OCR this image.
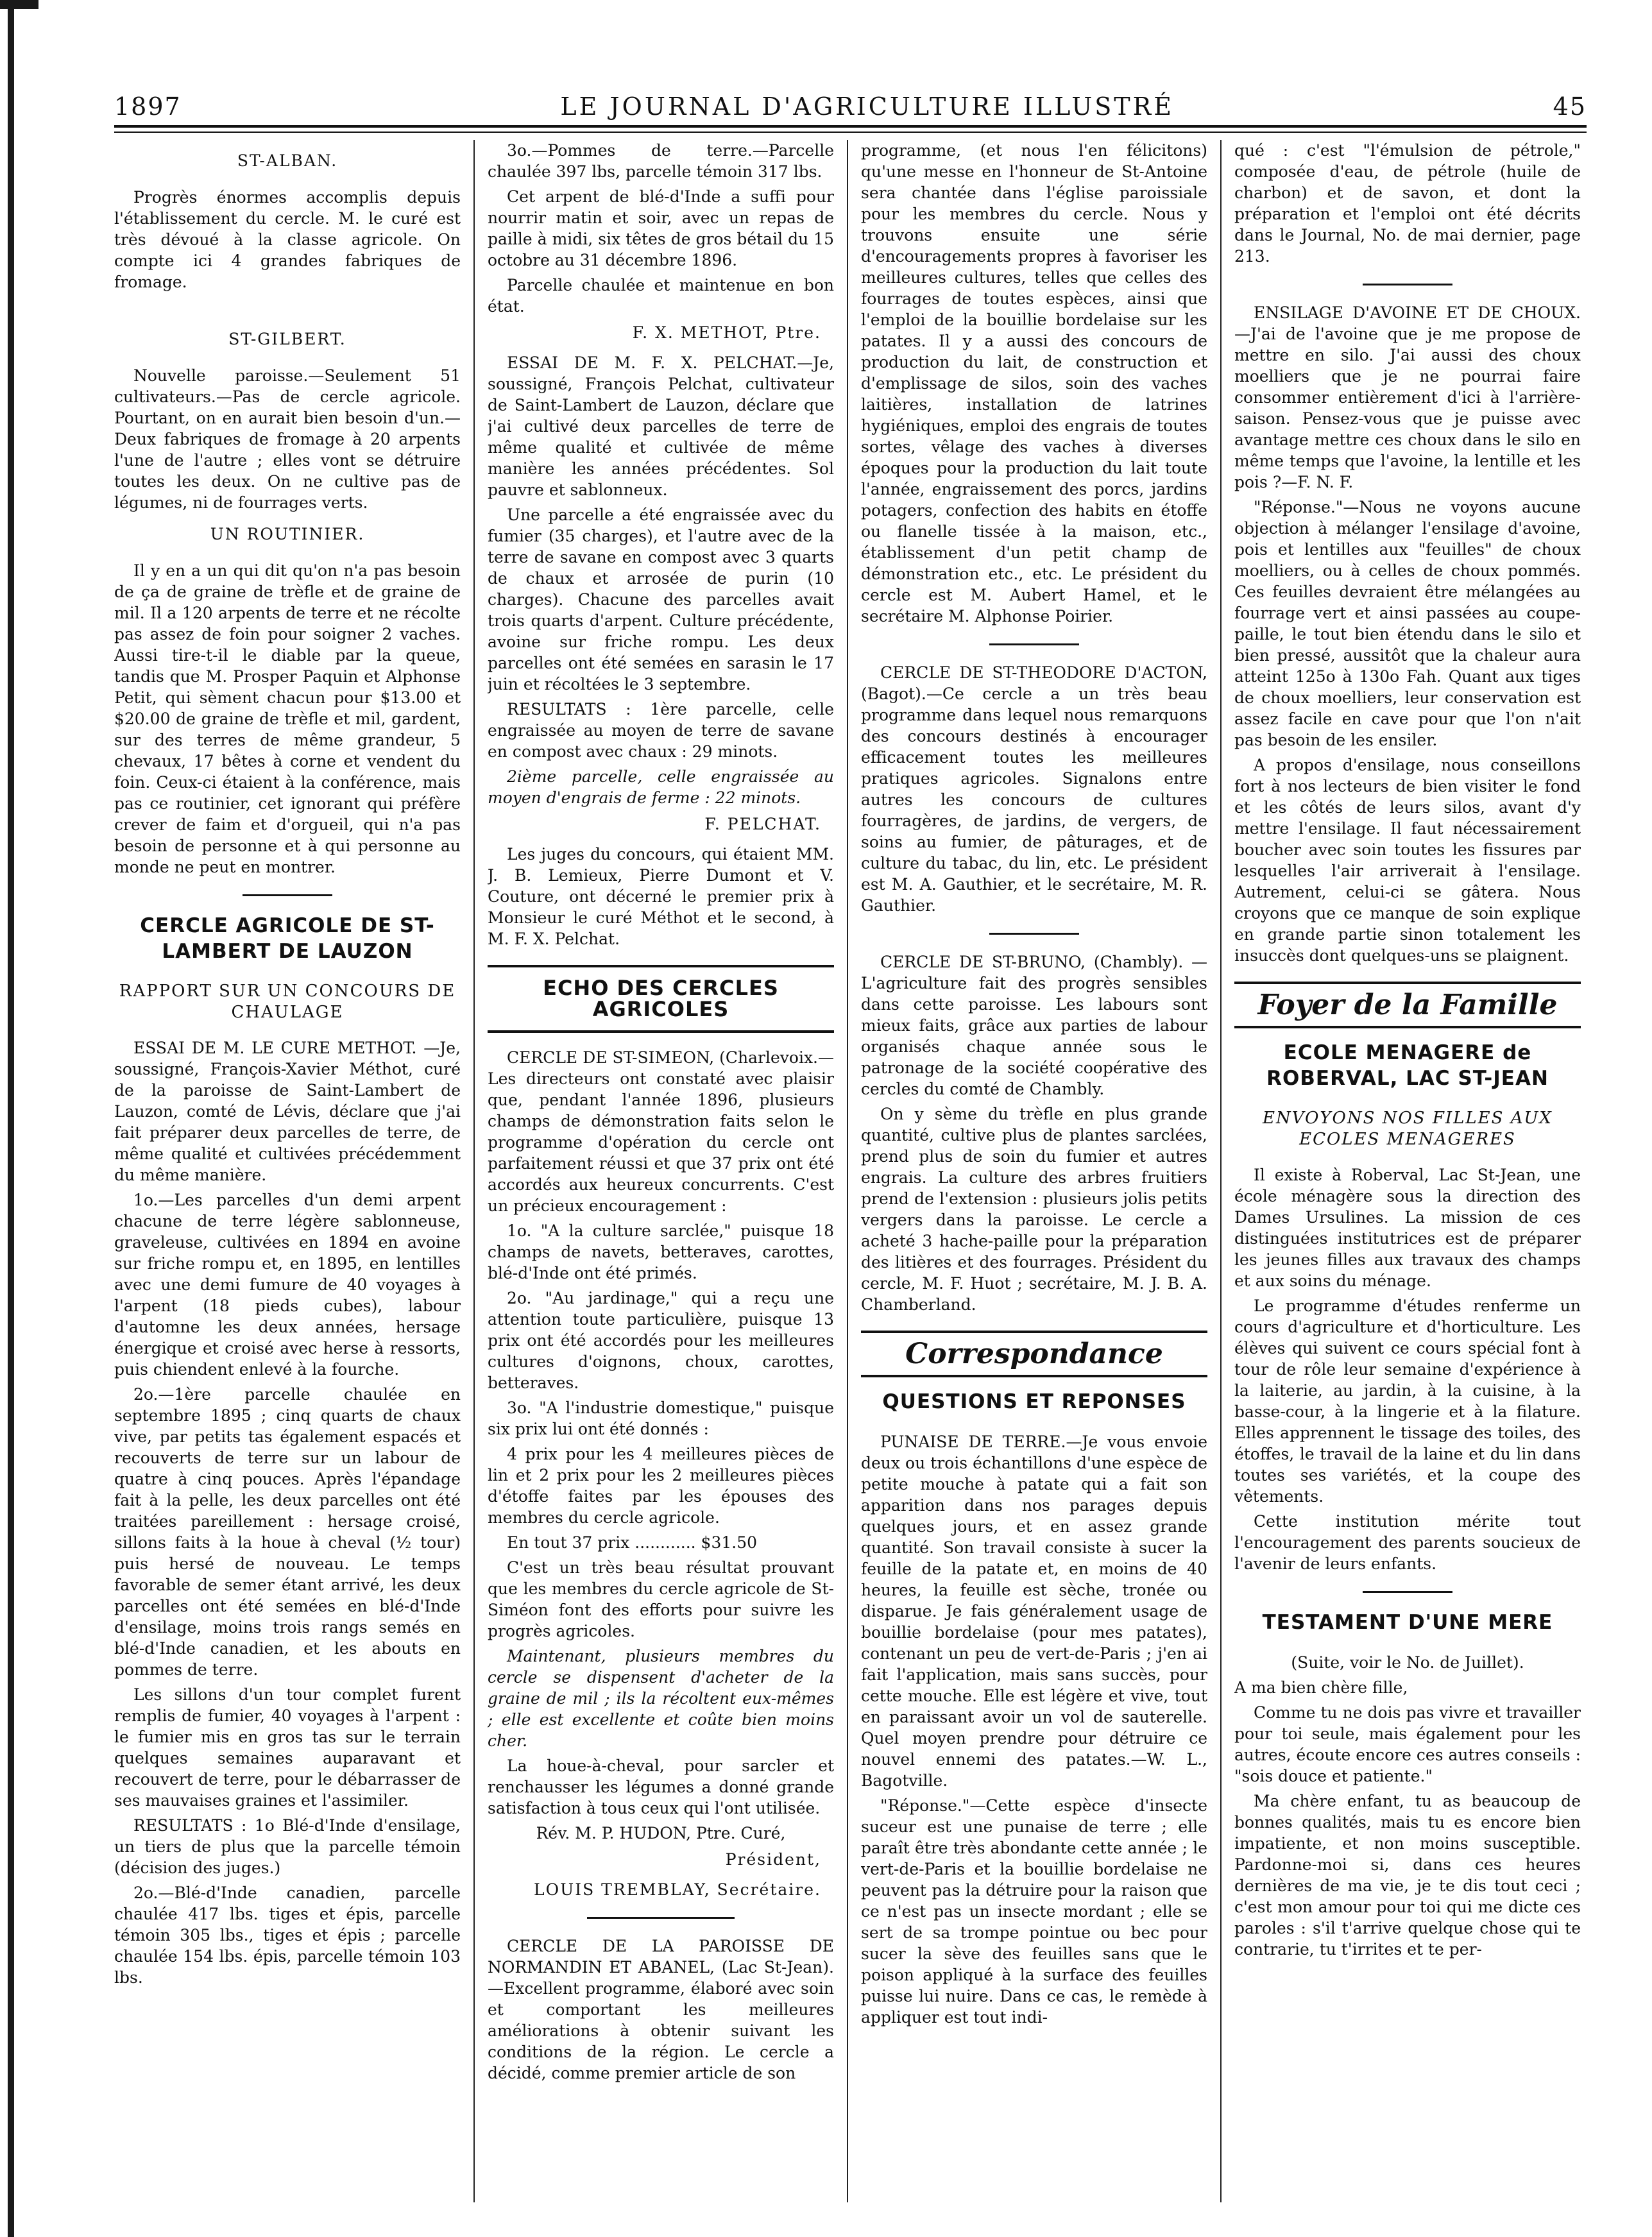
1897	LE JOURNAL D'AGRICULTURE ILLUSTRÉ	45
ST-ALBAN.

Progrès énormes accomplis depuis l'établissement du cercle. M. le curé est très dévoué à la classe agricole. On compte ici 4 grandes fabriques de fromage.

ST-GILBERT.

Nouvelle paroisse.—Seulement 51 cultivateurs.—Pas de cercle agricole. Pourtant, on en aurait bien besoin d'un.—Deux fabriques de fromage à 20 arpents l'une de l'autre ; elles vont se détruire toutes les deux. On ne cultive pas de légumes, ni de fourrages verts.

UN ROUTINIER.

Il y en a un qui dit qu'on n'a pas besoin de ça de graine de trèfle et de graine de mil. Il a 120 arpents de terre et ne récolte pas assez de foin pour soigner 2 vaches. Aussi tire-t-il le diable par la queue, tandis que M. Prosper Paquin et Alphonse Petit, qui sèment chacun pour $13.00 et $20.00 de graine de trèfle et mil, gardent, sur des terres de même grandeur, 5 chevaux, 17 bêtes à corne et vendent du foin. Ceux-ci étaient à la conférence, mais pas ce routinier, cet ignorant qui préfère crever de faim et d'orgueil, qui n'a pas besoin de personne et à qui personne au monde ne peut en montrer.

CERCLE AGRICOLE DE ST-LAMBERT DE LAUZON
RAPPORT SUR UN CONCOURS DE CHAULAGE

ESSAI DE M. LE CURE METHOT. —Je, soussigné, François-Xavier Méthot, curé de la paroisse de Saint-Lambert de Lauzon, comté de Lévis, déclare que j'ai fait préparer deux parcelles de terre, de même qualité et cultivées précédemment du même manière.

1o.—Les parcelles d'un demi arpent chacune de terre légère sablonneuse, graveleuse, cultivées en 1894 en avoine sur friche rompu et, en 1895, en lentilles avec une demi fumure de 40 voyages à l'arpent (18 pieds cubes), labour d'automne les deux années, hersage énergique et croisé avec herse à ressorts, puis chiendent enlevé à la fourche.

2o.—1ère parcelle chaulée en septembre 1895 ; cinq quarts de chaux vive, par petits tas également espacés et recouverts de terre sur un labour de quatre à cinq pouces. Après l'épandage fait à la pelle, les deux parcelles ont été traitées pareillement : hersage croisé, sillons faits à la houe à cheval (½ tour) puis hersé de nouveau. Le temps favorable de semer étant arrivé, les deux parcelles ont été semées en blé-d'Inde d'ensilage, moins trois rangs semés en blé-d'Inde canadien, et les abouts en pommes de terre.

Les sillons d'un tour complet furent remplis de fumier, 40 voyages à l'arpent : le fumier mis en gros tas sur le terrain quelques semaines auparavant et recouvert de terre, pour le débarrasser de ses mauvaises graines et l'assimiler.

RESULTATS : 1o Blé-d'Inde d'ensilage, un tiers de plus que la parcelle témoin (décision des juges.)

2o.—Blé-d'Inde canadien, parcelle chaulée 417 lbs. tiges et épis, parcelle témoin 305 lbs., tiges et épis ; parcelle chaulée 154 lbs. épis, parcelle témoin 103 lbs.

3o.—Pommes de terre.—Parcelle chaulée 397 lbs, parcelle témoin 317 lbs.

Cet arpent de blé-d'Inde a suffi pour nourrir matin et soir, avec un repas de paille à midi, six têtes de gros bétail du 15 octobre au 31 décembre 1896.

Parcelle chaulée et maintenue en bon état.

F. X. METHOT, Ptre.

ESSAI DE M. F. X. PELCHAT.—Je, soussigné, François Pelchat, cultivateur de Saint-Lambert de Lauzon, déclare que j'ai cultivé deux parcelles de terre de même qualité et cultivée de même manière les années précédentes. Sol pauvre et sablonneux.

Une parcelle a été engraissée avec du fumier (35 charges), et l'autre avec de la terre de savane en compost avec 3 quarts de chaux et arrosée de purin (10 charges). Chacune des parcelles avait trois quarts d'arpent. Culture précédente, avoine sur friche rompu. Les deux parcelles ont été semées en sarasin le 17 juin et récoltées le 3 septembre.

RESULTATS : 1ère parcelle, celle engraissée au moyen de terre de savane en compost avec chaux : 29 minots.

2ième parcelle, celle engraissée au moyen d'engrais de ferme : 22 minots.

F. PELCHAT.

Les juges du concours, qui étaient MM. J. B. Lemieux, Pierre Dumont et V. Couture, ont décerné le premier prix à Monsieur le curé Méthot et le second, à M. F. X. Pelchat.

ECHO DES CERCLES AGRICOLES

CERCLE DE ST-SIMEON, (Charlevoix.—Les directeurs ont constaté avec plaisir que, pendant l'année 1896, plusieurs champs de démonstration faits selon le programme d'opération du cercle ont parfaitement réussi et que 37 prix ont été accordés aux heureux concurrents. C'est un précieux encouragement :

1o. "A la culture sarclée," puisque 18 champs de navets, betteraves, carottes, blé-d'Inde ont été primés.

2o. "Au jardinage," qui a reçu une attention toute particulière, puisque 13 prix ont été accordés pour les meilleures cultures d'oignons, choux, carottes, betteraves.

3o. "A l'industrie domestique," puisque six prix lui ont été donnés :

4 prix pour les 4 meilleures pièces de lin et 2 prix pour les 2 meilleures pièces d'étoffe faites par les épouses des membres du cercle agricole.

En tout 37 prix ............ $31.50

C'est un très beau résultat prouvant que les membres du cercle agricole de St-Siméon font des efforts pour suivre les progrès agricoles.

Maintenant, plusieurs membres du cercle se dispensent d'acheter de la graine de mil ; ils la récoltent eux-mêmes ; elle est excellente et coûte bien moins cher.

La houe-à-cheval, pour sarcler et renchausser les légumes a donné grande satisfaction à tous ceux qui l'ont utilisée.

Rév. M. P. HUDON, Ptre. Curé,
Président,
LOUIS TREMBLAY, Secrétaire.

CERCLE DE LA PAROISSE DE NORMANDIN ET ABANEL, (Lac St-Jean).—Excellent programme, élaboré avec soin et comportant les meilleures améliorations à obtenir suivant les conditions de la région. Le cercle a décidé, comme premier article de son

programme, (et nous l'en félicitons) qu'une messe en l'honneur de St-Antoine sera chantée dans l'église paroissiale pour les membres du cercle. Nous y trouvons ensuite une série d'encouragements propres à favoriser les meilleures cultures, telles que celles des fourrages de toutes espèces, ainsi que l'emploi de la bouillie bordelaise sur les patates. Il y a aussi des concours de production du lait, de construction et d'emplissage de silos, soin des vaches laitières, installation de latrines hygiéniques, emploi des engrais de toutes sortes, vêlage des vaches à diverses époques pour la production du lait toute l'année, engraissement des porcs, jardins potagers, confection des habits en étoffe ou flanelle tissée à la maison, etc., établissement d'un petit champ de démonstration etc., etc. Le président du cercle est M. Aubert Hamel, et le secrétaire M. Alphonse Poirier.

CERCLE DE ST-THEODORE D'ACTON, (Bagot).—Ce cercle a un très beau programme dans lequel nous remarquons des concours destinés à encourager efficacement toutes les meilleures pratiques agricoles. Signalons entre autres les concours de cultures fourragères, de jardins, de vergers, de soins au fumier, de pâturages, et de culture du tabac, du lin, etc. Le président est M. A. Gauthier, et le secrétaire, M. R. Gauthier.

CERCLE DE ST-BRUNO, (Chambly). —L'agriculture fait des progrès sensibles dans cette paroisse. Les labours sont mieux faits, grâce aux parties de labour organisés chaque année sous le patronage de la société coopérative des cercles du comté de Chambly.

On y sème du trèfle en plus grande quantité, cultive plus de plantes sarclées, prend plus de soin du fumier et autres engrais. La culture des arbres fruitiers prend de l'extension : plusieurs jolis petits vergers dans la paroisse. Le cercle a acheté 3 hache-paille pour la préparation des litières et des fourrages. Président du cercle, M. F. Huot ; secrétaire, M. J. B. A. Chamberland.

Correspondance
QUESTIONS ET REPONSES

PUNAISE DE TERRE.—Je vous envoie deux ou trois échantillons d'une espèce de petite mouche à patate qui a fait son apparition dans nos parages depuis quelques jours, et en assez grande quantité. Son travail consiste à sucer la feuille de la patate et, en moins de 40 heures, la feuille est sèche, tronée ou disparue. Je fais généralement usage de bouillie bordelaise (pour mes patates), contenant un peu de vert-de-Paris ; j'en ai fait l'application, mais sans succès, pour cette mouche. Elle est légère et vive, tout en paraissant avoir un vol de sauterelle. Quel moyen prendre pour détruire ce nouvel ennemi des patates.—W. L., Bagotville.

"Réponse."—Cette espèce d'insecte suceur est une punaise de terre ; elle paraît être très abondante cette année ; le vert-de-Paris et la bouillie bordelaise ne peuvent pas la détruire pour la raison que ce n'est pas un insecte mordant ; elle se sert de sa trompe pointue ou bec pour sucer la sève des feuilles sans que le poison appliqué à la surface des feuilles puisse lui nuire. Dans ce cas, le remède à appliquer est tout indi-

qué : c'est "l'émulsion de pétrole," composée d'eau, de pétrole (huile de charbon) et de savon, et dont la préparation et l'emploi ont été décrits dans le Journal, No. de mai dernier, page 213.

ENSILAGE D'AVOINE ET DE CHOUX.—J'ai de l'avoine que je me propose de mettre en silo. J'ai aussi des choux moelliers que je ne pourrai faire consommer entièrement d'ici à l'arrière-saison. Pensez-vous que je puisse avec avantage mettre ces choux dans le silo en même temps que l'avoine, la lentille et les pois ?—F. N. F.

"Réponse."—Nous ne voyons aucune objection à mélanger l'ensilage d'avoine, pois et lentilles aux "feuilles" de choux moelliers, ou à celles de choux pommés. Ces feuilles devraient être mélangées au fourrage vert et ainsi passées au coupe-paille, le tout bien étendu dans le silo et bien pressé, aussitôt que la chaleur aura atteint 125o à 130o Fah. Quant aux tiges de choux moelliers, leur conservation est assez facile en cave pour que l'on n'ait pas besoin de les ensiler.

A propos d'ensilage, nous conseillons fort à nos lecteurs de bien visiter le fond et les côtés de leurs silos, avant d'y mettre l'ensilage. Il faut nécessairement boucher avec soin toutes les fissures par lesquelles l'air arriverait à l'ensilage. Autrement, celui-ci se gâtera. Nous croyons que ce manque de soin explique en grande partie sinon totalement les insuccès dont quelques-uns se plaignent.

Foyer de la Famille
ECOLE MENAGERE de ROBERVAL, LAC ST-JEAN
ENVOYONS NOS FILLES AUX ECOLES MENAGERES

Il existe à Roberval, Lac St-Jean, une école ménagère sous la direction des Dames Ursulines. La mission de ces distinguées institutrices est de préparer les jeunes filles aux travaux des champs et aux soins du ménage.

Le programme d'études renferme un cours d'agriculture et d'horticulture. Les élèves qui suivent ce cours spécial font à tour de rôle leur semaine d'expérience à la laiterie, au jardin, à la cuisine, à la basse-cour, à la lingerie et à la filature. Elles apprennent le tissage des toiles, des étoffes, le travail de la laine et du lin dans toutes ses variétés, et la coupe des vêtements.

Cette institution mérite tout l'encouragement des parents soucieux de l'avenir de leurs enfants.

TESTAMENT D'UNE MERE
(Suite, voir le No. de Juillet).

A ma bien chère fille,

Comme tu ne dois pas vivre et travailler pour toi seule, mais également pour les autres, écoute encore ces autres conseils : "sois douce et patiente."

Ma chère enfant, tu as beaucoup de bonnes qualités, mais tu es encore bien impatiente, et non moins susceptible. Pardonne-moi si, dans ces heures dernières de ma vie, je te dis tout ceci ; c'est mon amour pour toi qui me dicte ces paroles : s'il t'arrive quelque chose qui te contrarie, tu t'irrites et te per-
